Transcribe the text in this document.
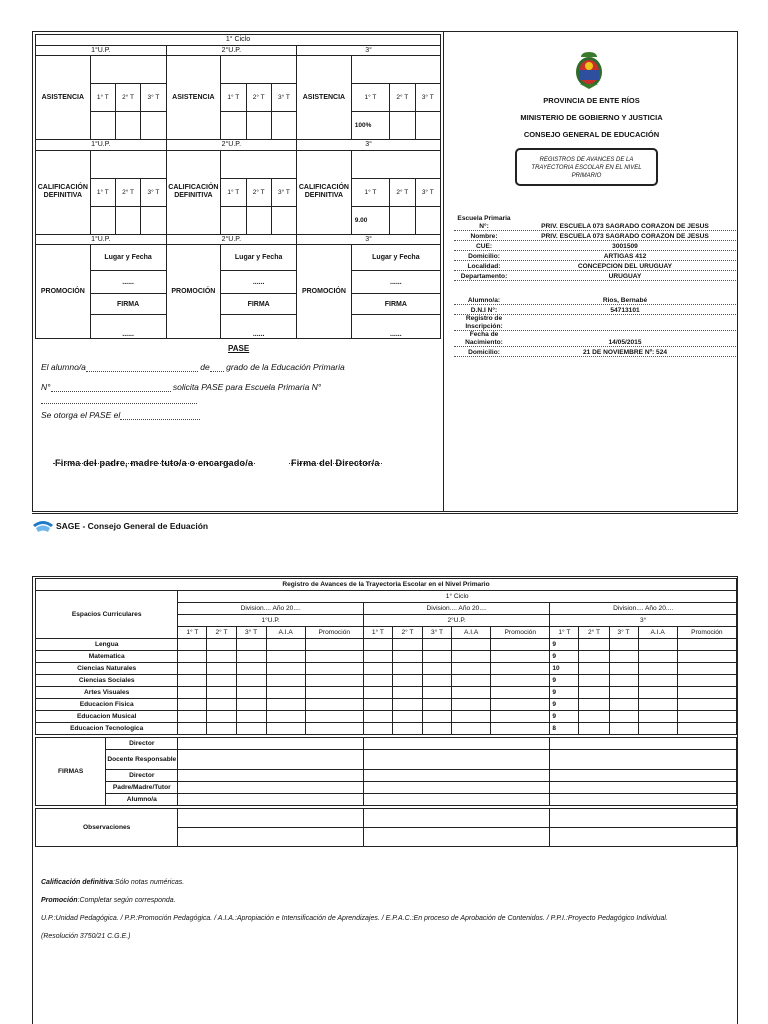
1° Ciclo											
1°U.P.				2°U.P.				3°			
ASISTENCIA				ASISTENCIA				ASISTENCIA			
	1° T	2° T	3° T		1° T	2° T	3° T		1° T	2° T	3° T
									100%		
1°U.P.				2°U.P.				3°			
CALIFICACIÓN DEFINITIVA				CALIFICACIÓN DEFINITIVA				CALIFICACIÓN DEFINITIVA			
	1° T	2° T	3° T		1° T	2° T	3° T		1° T	2° T	3° T
									9.00		
1°U.P.				2°U.P.				3°			
PROMOCIÓN	Lugar y Fecha			PROMOCIÓN	Lugar y Fecha			PROMOCIÓN	Lugar y Fecha		
	......				......				......		
	FIRMA				FIRMA				FIRMA		
	......				......				......		
PASE
El alumno/a	de grado de la Educación Primaria
N°	solicita PASE para Escuela Primaria N°
Se otorga el PASE el
Firma del padre, madre tuto/a o encargado/a	Firma del Director/a
PROVINCIA DE ENTE RÍOS
MINISTERIO DE GOBIERNO Y JUSTICIA
CONSEJO GENERAL DE EDUCACIÓN
REGISTROS DE AVANCES DE LA TRAYECTORIA ESCOLAR EN EL NIVEL PRIMARIO
Escuela Primaria N°:	PRIV. ESCUELA 073 SAGRADO CORAZON DE JESUS
Nombre:	PRIV. ESCUELA 073 SAGRADO CORAZON DE JESUS
CUE:	3001509
Domicilio:	ARTIGAS 412
Localidad:	CONCEPCION DEL URUGUAY
Departamento:	URUGUAY
Alumno/a:	Rios, Bernabé
D.N.I N°:	54713101
Registro de Inscripción:
Fecha de Nacimiento:	14/05/2015
Domicilio:	21 DE NOVIEMBRE Nº: 524
SAGE - Consejo General de Eduación
Registro de Avances de la Trayectoria Escolar en el Nivel Primario																
Espacios Curriculares		1° Ciclo														
		Division.... Año 20....					Division.... Año 20....					Division.... Año 20....				
		1°U.P.					2°U.P.					3°				
		1° T	2° T	3° T	A.I.A	Promoción	1° T	2° T	3° T	A.I.A	Promoción	1° T	2° T	3° T	A.I.A	Promoción
Lengua												9				
Matematica												9				
Ciencias Naturales												10				
Ciencias Sociales												9				
Artes Visuales												9				
Educacion Fisica												9				
Educacion Musical												9				
Educacion Tecnologica												8				

FIRMAS	Director															
	Docente Responsable															
	Director															
	Padre/Madre/Tutor															
	Alumno/a															

Observaciones																

Calificación definitiva:Sólo notas numéricas.

Promoción:Completar según corresponda.

U.P.:Unidad Pedagógica. / P.P.:Promoción Pedagógica. / A.I.A.:Apropiación e Intensificación de Aprendizajes. / E.P.A.C.:En proceso de Aprobación de Contenidos. / P.P.I.:Proyecto Pedagógico Individual.

(Resolución 3750/21 C.G.E.)
